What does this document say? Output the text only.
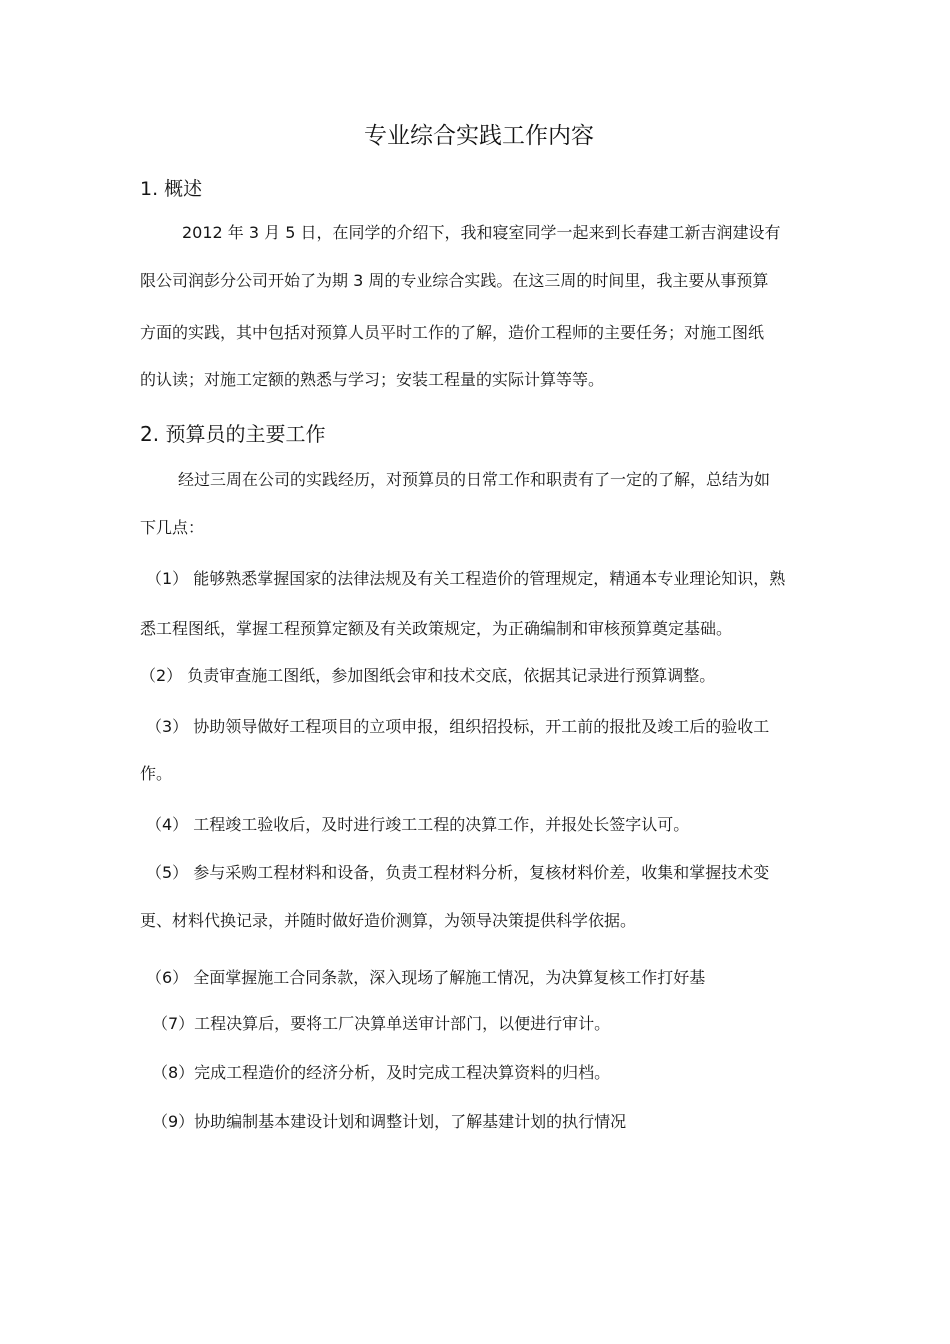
专业综合实践工作内容
1. 概述
2012 年 3 月 5 日，在同学的介绍下，我和寝室同学一起来到长春建工新吉润建设有
限公司润彭分公司开始了为期 3 周的专业综合实践。在这三周的时间里，我主要从事预算
方面的实践，其中包括对预算人员平时工作的了解，造价工程师的主要任务；对施工图纸
的认读；对施工定额的熟悉与学习；安装工程量的实际计算等等。
2. 预算员的主要工作
经过三周在公司的实践经历，对预算员的日常工作和职责有了一定的了解，总结为如
下几点：
（1） 能够熟悉掌握国家的法律法规及有关工程造价的管理规定，精通本专业理论知识，熟
悉工程图纸，掌握工程预算定额及有关政策规定，为正确编制和审核预算奠定基础。
（2） 负责审查施工图纸，参加图纸会审和技术交底，依据其记录进行预算调整。
（3） 协助领导做好工程项目的立项申报，组织招投标，开工前的报批及竣工后的验收工
作。
（4） 工程竣工验收后，及时进行竣工工程的决算工作，并报处长签字认可。
（5） 参与采购工程材料和设备，负责工程材料分析，复核材料价差，收集和掌握技术变
更、材料代换记录，并随时做好造价测算，为领导决策提供科学依据。
（6） 全面掌握施工合同条款，深入现场了解施工情况，为决算复核工作打好基
（7）工程决算后，要将工厂决算单送审计部门，以便进行审计。
（8）完成工程造价的经济分析，及时完成工程决算资料的归档。
（9）协助编制基本建设计划和调整计划，了解基建计划的执行情况
